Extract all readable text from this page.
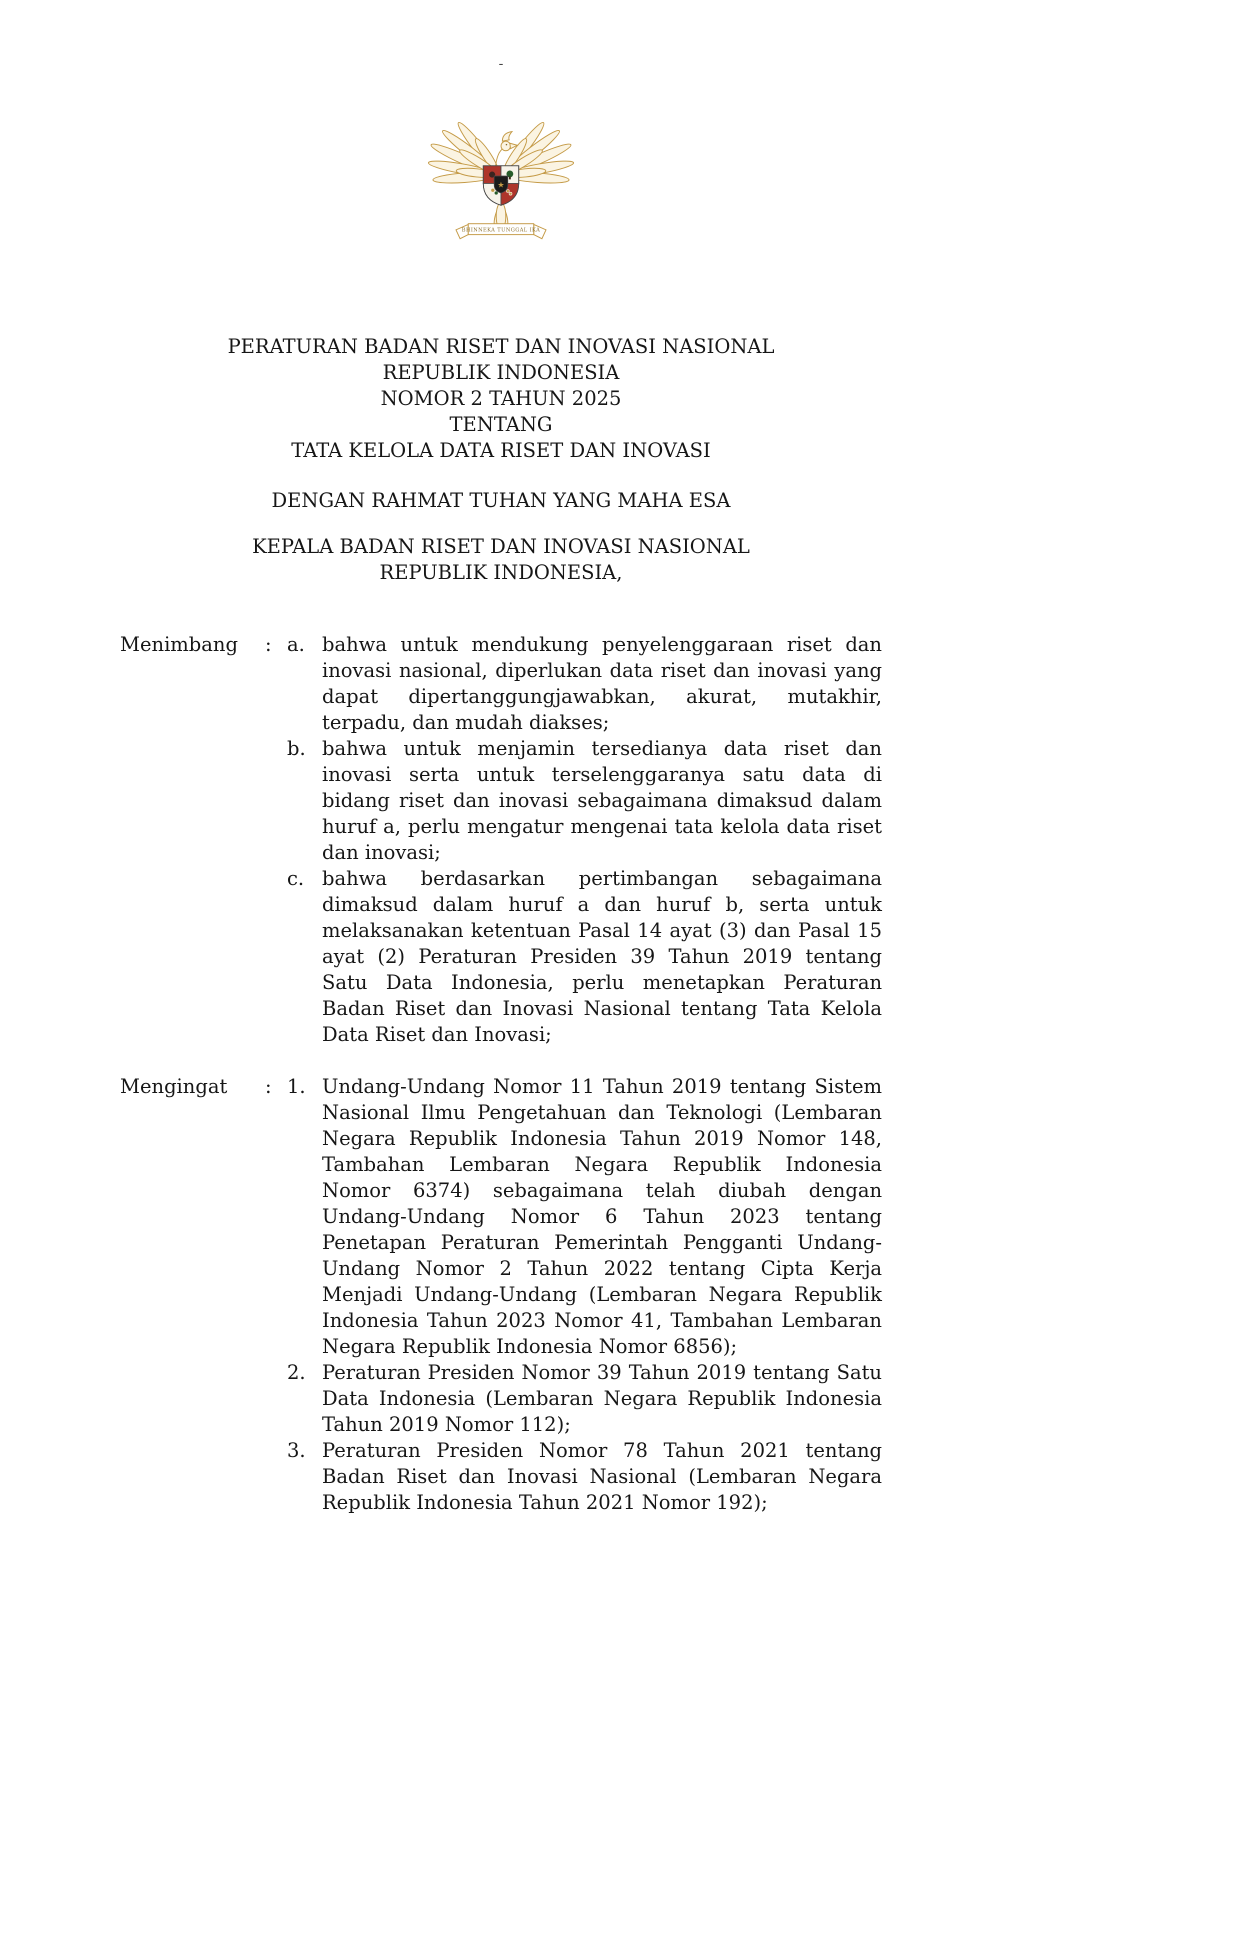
-
★
BHINNEKA TUNGGAL IKA
PERATURAN BADAN RISET DAN INOVASI NASIONAL
REPUBLIK INDONESIA
NOMOR 2 TAHUN 2025
TENTANG
TATA KELOLA DATA RISET DAN INOVASI
DENGAN RAHMAT TUHAN YANG MAHA ESA
KEPALA BADAN RISET DAN INOVASI NASIONAL
REPUBLIK INDONESIA,
Menimbang	: a. bahwa untuk mendukung penyelenggaraan riset dan inovasi nasional, diperlukan data riset dan inovasi yang dapat dipertanggungjawabkan, akurat, mutakhir, terpadu, dan mudah diakses;
b. bahwa untuk menjamin tersedianya data riset dan inovasi serta untuk terselenggaranya satu data di bidang riset dan inovasi sebagaimana dimaksud dalam huruf a, perlu mengatur mengenai tata kelola data riset dan inovasi;
c. bahwa berdasarkan pertimbangan sebagaimana dimaksud dalam huruf a dan huruf b, serta untuk melaksanakan ketentuan Pasal 14 ayat (3) dan Pasal 15 ayat (2) Peraturan Presiden 39 Tahun 2019 tentang Satu Data Indonesia, perlu menetapkan Peraturan Badan Riset dan Inovasi Nasional tentang Tata Kelola Data Riset dan Inovasi;
Mengingat	: 1. Undang-Undang Nomor 11 Tahun 2019 tentang Sistem Nasional Ilmu Pengetahuan dan Teknologi (Lembaran Negara Republik Indonesia Tahun 2019 Nomor 148, Tambahan Lembaran Negara Republik Indonesia Nomor 6374) sebagaimana telah diubah dengan Undang-Undang Nomor 6 Tahun 2023 tentang Penetapan Peraturan Pemerintah Pengganti Undang-Undang Nomor 2 Tahun 2022 tentang Cipta Kerja Menjadi Undang-Undang (Lembaran Negara Republik Indonesia Tahun 2023 Nomor 41, Tambahan Lembaran Negara Republik Indonesia Nomor 6856);
2. Peraturan Presiden Nomor 39 Tahun 2019 tentang Satu Data Indonesia (Lembaran Negara Republik Indonesia Tahun 2019 Nomor 112);
3. Peraturan Presiden Nomor 78 Tahun 2021 tentang Badan Riset dan Inovasi Nasional (Lembaran Negara Republik Indonesia Tahun 2021 Nomor 192);
